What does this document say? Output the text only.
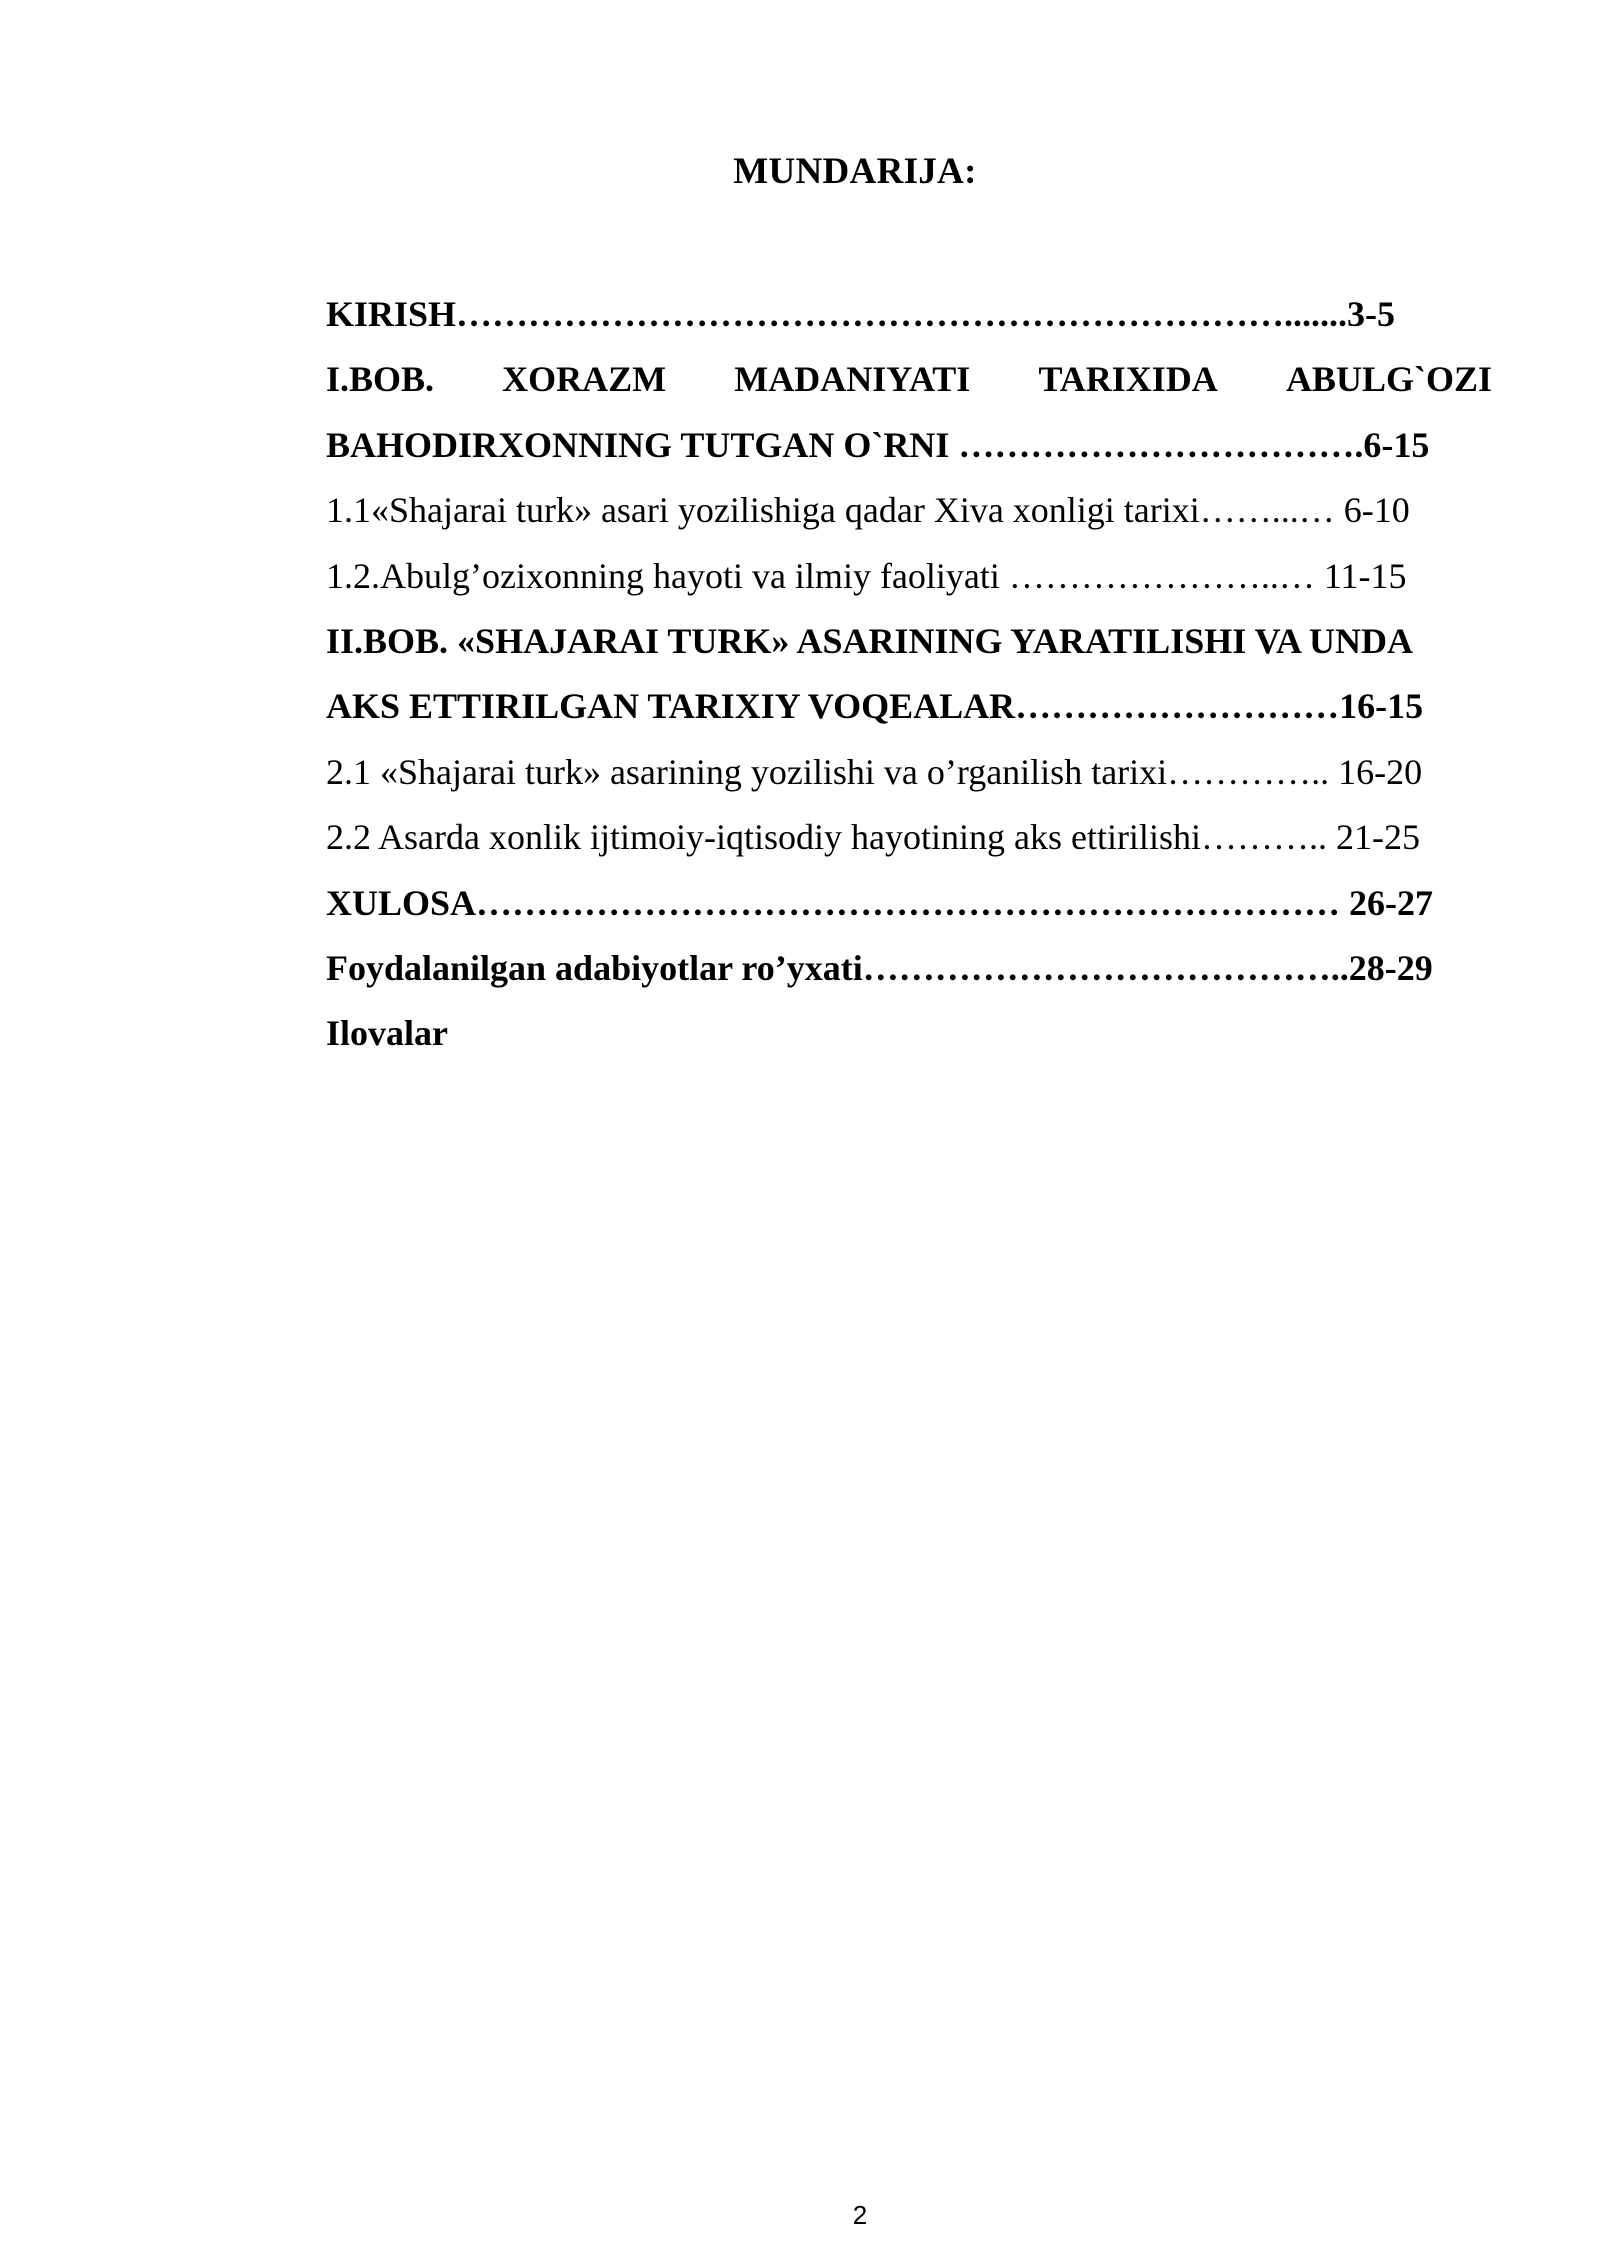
MUNDARIJA:
KIRISH…………………………………………………………….......3-5
I.BOB. XORAZM MADANIYATI TARIXIDA ABULG`OZI
BAHODIRXONNING TUTGAN O`RNI …………………………….6-15
1.1«Shajarai turk» asari yozilishiga qadar Xiva xonligi tarixi……...… 6-10
1.2.Abulg’ozixonning hayoti va ilmiy faoliyati …………………..… 11-15
II.BOB. «SHAJARAI TURK» ASARINING YARATILISHI VA UNDA
AKS ETTIRILGAN TARIXIY VOQEALAR………………………16-15
2.1 «Shajarai turk» asarining yozilishi va o’rganilish tarixi………….. 16-20
2.2 Asarda xonlik ijtimoiy-iqtisodiy hayotining aks ettirilishi……….. 21-25
XULOSA……………………………………………………………… 26-27
Foydalanilgan adabiyotlar ro’yxati…………………………………..28-29
Ilovalar
2
